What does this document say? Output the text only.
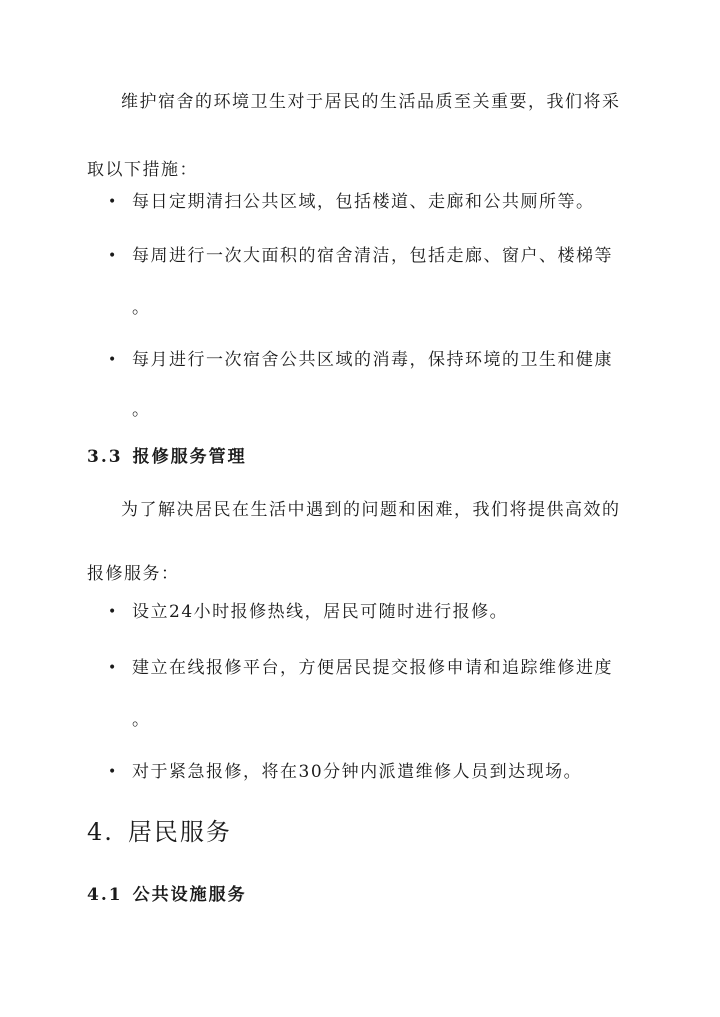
维护宿舍的环境卫生对于居民的生活品质至关重要，我们将采
取以下措施：
• 每日定期清扫公共区域，包括楼道、走廊和公共厕所等。
• 每周进行一次大面积的宿舍清洁，包括走廊、窗户、楼梯等
。
• 每月进行一次宿舍公共区域的消毒，保持环境的卫生和健康
。
3.3 报修服务管理
为了解决居民在生活中遇到的问题和困难，我们将提供高效的
报修服务：
• 设立24小时报修热线，居民可随时进行报修。
• 建立在线报修平台，方便居民提交报修申请和追踪维修进度
。
• 对于紧急报修，将在30分钟内派遣维修人员到达现场。
4. 居民服务
4.1 公共设施服务
